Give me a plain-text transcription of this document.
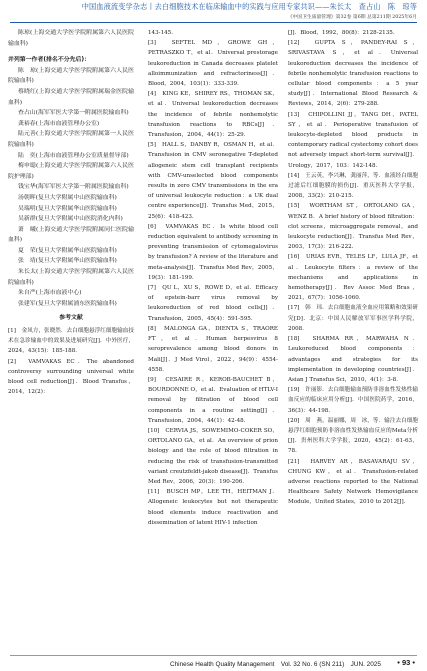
中国血液流变学杂志丨去白细胞技术在临床输血中的实践与应用专家共识——朱长太　查占山　陈　琼等
《中国卫生质量管理》第32卷 第6期 总第211期 2025年6月

陈琼(上海交通大学医学院附属第六人民医院输血科)

并列第一作者(排名不分先后)：

陈　琼(上海交通大学医学院附属第六人民医院输血科)

蔡晓红(上海交通大学医学院附属瑞金医院输血科)

查占山(海军军医大学第一附属医院输血科)

龚裕春(上海市血液管理办公室)

陆元善(上海交通大学医学院附属第一人民医院输血科)

陆　奕(上海市血液管理办公室质量督导部)

梅申聪(上海交通大学医学院附属第六人民医院护理部)

钱宝华(海军军医大学第一附属医院输血科)

汤朝晖(复旦大学附属中山医院输血科)

吴瑞明(复旦大学附属华山医院输血科)

吴新群(复旦大学附属中山医院消化内科)

萧　曦(上海交通大学医学院附属同仁医院输血科)

夏　荣(复旦大学附属华山医院输血科)

张　靖(复旦大学附属华山医院输血科)

朱长太(上海交通大学医学院附属第六人民医院输血科)

朱自严(上海市血液中心)

张建军(复旦大学附属浦东医院输血科)

参考文献

[1]　金凤方，张晓然．去白细胞悬浮红细胞输血技术在急诊输血中的效果及进展研究[J]．中外医疗，2024，43(15)：185-188．

[2]　VAMVAKAS EC．The abandoned controversy surrounding universal white blood cell reduction[J]．Blood Transfus，2014，12(2)：

143-145．

[3]　SEFTEL MD，GROWE GH，PETRASZKO T，et al．Universal prestorage leukoreduction in Canada decreases platelet alloimmunization and refractoriness[J]．Blood，2004，103(1)：333-339．

[4]　KING KE，SHIREY RS，THOMAN SK，et al．Universal leukoreduction decreases the incidence of febrile nonhemolytic transfusion reactions to RBCs[J]．Transfusion，2004，44(1)：25-29．

[5]　HALL S，DANBY R，OSMAN H，et al．Transfusion in CMV seronegative T-depleted allogeneic stem cell transplant recipients with CMV-unselected blood components results in zero CMV transmissions in the era of universal leukocyte reduction：a UK dual centre experience[J]．Transfus Med，2015，25(6)：418-423．

[6]　VAMVAKAS EC．Is white blood cell reduction equivalent to antibody screening in preventing transmission of cytomegalovirus by transfusion? A review of the literature and meta-analysis[J]．Transfus Med Rev，2005，19(3)：181-199．

[7]　QU L，XU S，ROWE D，et al．Efficacy of epstein-barr virus removal by leukoreduction of red blood cells[J]．Transfusion，2005，45(4)：591-595．

[8]　MALONGA GA，DIENTA S，TRAORE FT，et al．Human herpesvirus 8 seroprevalence among blood donors in Mali[J]．J Med Virol，2022，94(9)：4554-4558．

[9]　CESAIRE R，KEROB-BAUCHET B，BOURDONNE O，et al．Evaluation of HTLV-I removal by filtration of blood cell components in a routine setting[J]．Transfusion，2004，44(1)：42-48．

[10]　CERVIA JS，SOWEMIMO-COKER SO，ORTOLANO GA，et al．An overview of prion biology and the role of blood filtration in reducing the risk of transfusion-transmitted variant creutzfeldt-jakob disease[J]．Transfus Med Rev，2006，20(3)：190-206．

[11]　BUSCH MP，LEE TH，HEITMAN J．Allogeneic leukocytes but not therapeutic blood elements induce reactivation and dissemination of latent HIV-1 infection

[J]．Blood，1992，80(8)：2128-2135．

[12]　GUPTA S，PANDEY-RAI S，SRIVASTAVA S，et al．Universal leukoreduction decreases the incidence of febrile nonhemolytic transfusion reactions to cellular blood components：a 5 year study[J]．International Blood Research & Reviews，2014，2(6)：279-288．

[13]　CHIPOLLINI JJ，TANG DH，PATEL SY，et al．Perioperative transfusion of leukocyte-depleted blood products in contemporary radical cystectomy cohort does not adversely impact short-term survival[J]．Urology，2017，103：142-148．

[14]　王云英，李兴琳，龚丽萍，等．血液经白细胞过滤后红细胞膜的损伤[J]．重庆医科大学学报，2008，33(2)：210-215．

[15]　WORTHAM ST，ORTOLANO GA，WENZ B．A brief history of blood filtration：clot screens，microaggregate removal，and leukocyte reduction[J]．Transfus Med Rev，2003，17(3)：216-222．

[16]　URIAS EVR，TELES LF，LULA JF，et al．Leukocyte filters：a review of the mechanisms and applications in hemotherapy[J]．Rev Assoc Med Bras，2021，67(7)：1056-1060．

[17]　韩　玮．去白细胞血液全血应用策略和效果研究[D]．北京：中国人民解放军军事医学科学院，2008．

[18]　SHARMA RR，MARWAHA N．Leukoreduced blood components：advantages and strategies for its implementation in developing countries[J]．Asian J Transfus Sci，2010，4(1)：3-8．

[19]　许丽影．去白细胞输血预防非溶血性发热性输血反应的临床应用分析[J]．中国医院药学，2016，36(3)：44-198．

[20]　周　燕，温丽娜，周　冰，等．输注去白细胞悬浮红细胞预防非溶血性发热输血反应的Meta分析[J]．贵州医科大学学报，2020，45(2)：61-63，78．

[21]　HARVEY AR，BASAVARAJU SV，CHUNG KW，et al．Transfusion-related adverse reactions reported to the National Healthcare Safety Network Hemovigilance Module，United States，2010 to 2012[J]．

Chinese Health Quality Management　Vol. 32 No. 6 (SN 211)　JUN. 2025 • 93 •
